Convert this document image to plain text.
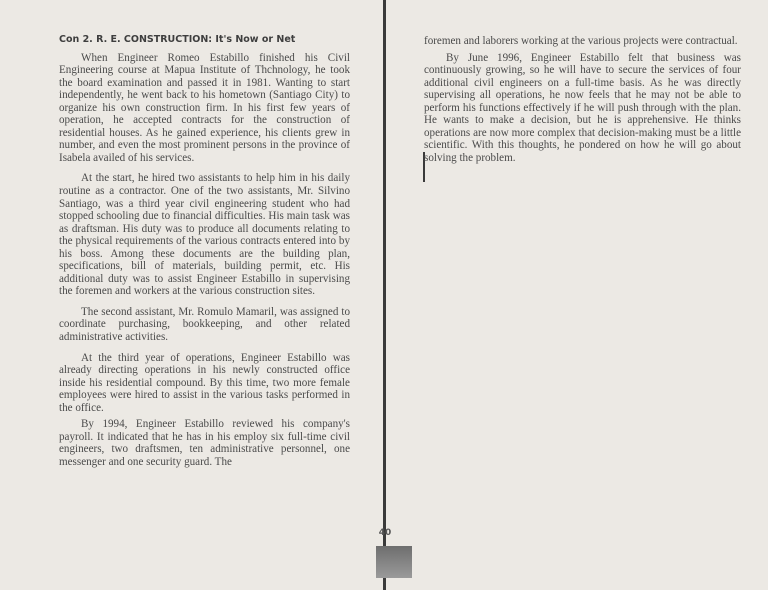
Con 2. R. E. CONSTRUCTION: It's Now or Net

When Engineer Romeo Estabillo finished his Civil Engineering course at Mapua Institute of Thchnology, he took the board examination and passed it in 1981. Wanting to start independently, he went back to his hometown (Santiago City) to organize his own construction firm. In his first few years of operation, he accepted contracts for the construction of residential houses. As he gained experience, his clients grew in number, and even the most prominent persons in the province of Isabela availed of his services.

At the start, he hired two assistants to help him in his daily routine as a contractor. One of the two assistants, Mr. Silvino Santiago, was a third year civil engineering student who had stopped schooling due to financial difficulties. His main task was as draftsman. His duty was to produce all documents relating to the physical requirements of the various contracts entered into by his boss. Among these documents are the building plan, specifications, bill of materials, building permit, etc. His additional duty was to assist Engineer Estabillo in supervising the foremen and workers at the various construction sites.

The second assistant, Mr. Romulo Mamaril, was assigned to coordinate purchasing, bookkeeping, and other related administrative activities.

At the third year of operations, Engineer Estabillo was already directing operations in his newly constructed office inside his residential compound. By this time, two more female employees were hired to assist in the various tasks performed in the office.

By 1994, Engineer Estabillo reviewed his company's payroll. It indicated that he has in his employ six full-time civil engineers, two draftsmen, ten administrative personnel, one messenger and one security guard. The

foremen and laborers working at the various projects were contractual.

By June 1996, Engineer Estabillo felt that business was continuously growing, so he will have to secure the services of four additional civil engineers on a full-time basis. As he was directly supervising all operations, he now feels that he may not be able to perform his functions effectively if he will push through with the plan. He wants to make a decision, but he is apprehensive. He thinks operations are now more complex that decision-making must be a little scientific. With this thoughts, he pondered on how he will go about solving the problem.

40
